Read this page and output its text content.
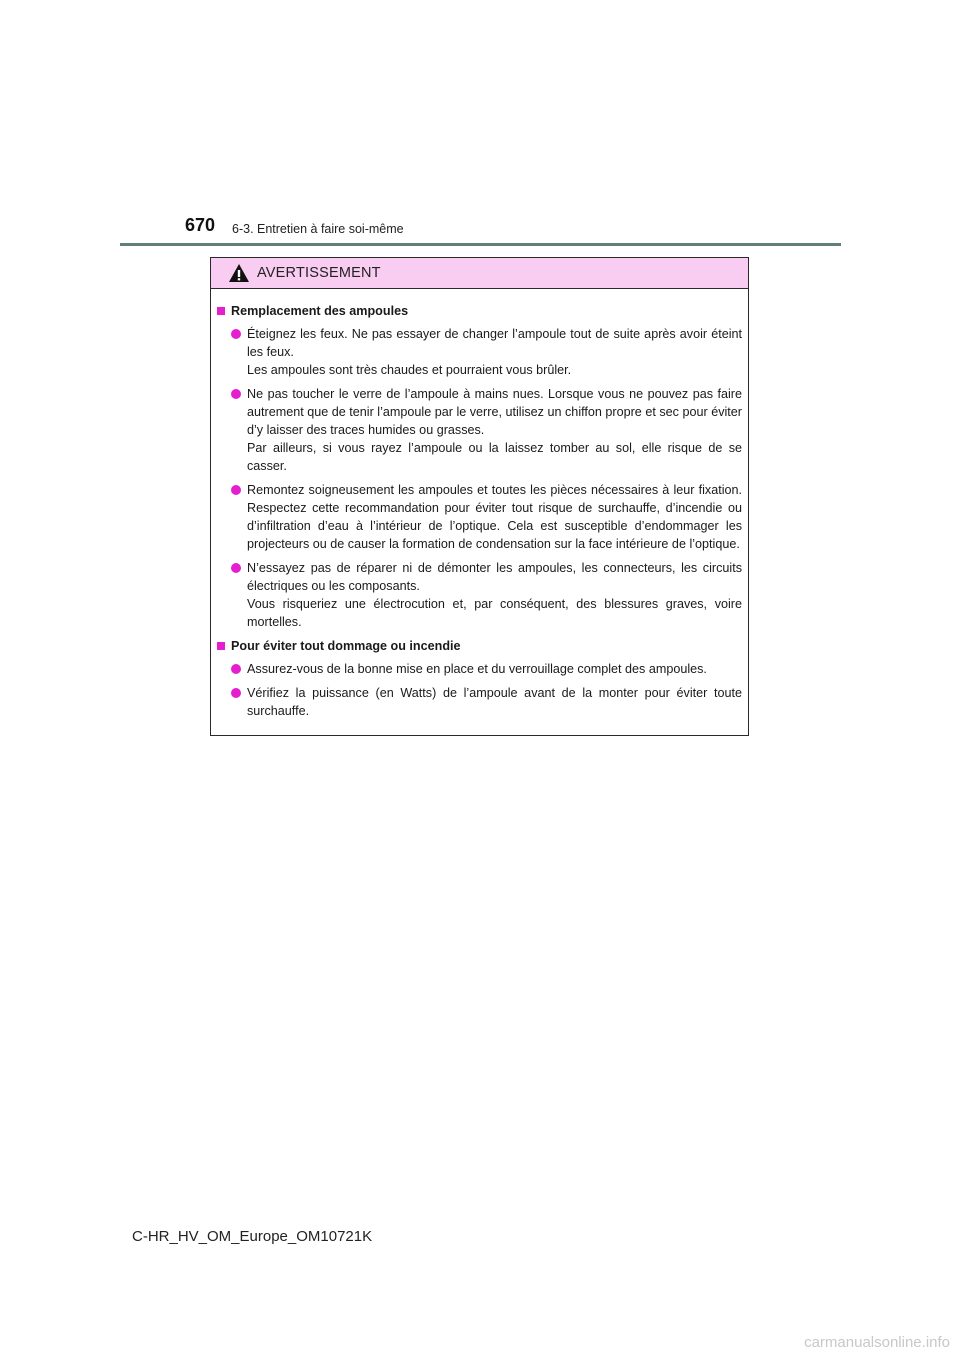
670 6-3. Entretien à faire soi-même
AVERTISSEMENT
Remplacement des ampoules

Éteignez les feux. Ne pas essayer de changer l’ampoule tout de suite après avoir éteint les feux.

Les ampoules sont très chaudes et pourraient vous brûler.

Ne pas toucher le verre de l’ampoule à mains nues. Lorsque vous ne pouvez pas faire autrement que de tenir l’ampoule par le verre, utilisez un chiffon propre et sec pour éviter d’y laisser des traces humides ou grasses.

Par ailleurs, si vous rayez l’ampoule ou la laissez tomber au sol, elle risque de se casser.

Remontez soigneusement les ampoules et toutes les pièces nécessaires à leur fixation. Respectez cette recommandation pour éviter tout risque de surchauffe, d’incendie ou d’infiltration d’eau à l’intérieur de l’optique. Cela est susceptible d’endommager les projecteurs ou de causer la formation de condensation sur la face intérieure de l’optique.

N’essayez pas de réparer ni de démonter les ampoules, les connecteurs, les circuits électriques ou les composants.

Vous risqueriez une électrocution et, par conséquent, des blessures graves, voire mortelles.

Pour éviter tout dommage ou incendie

Assurez-vous de la bonne mise en place et du verrouillage complet des ampoules.

Vérifiez la puissance (en Watts) de l’ampoule avant de la monter pour éviter toute surchauffe.

C-HR_HV_OM_Europe_OM10721K
carmanualsonline.info
